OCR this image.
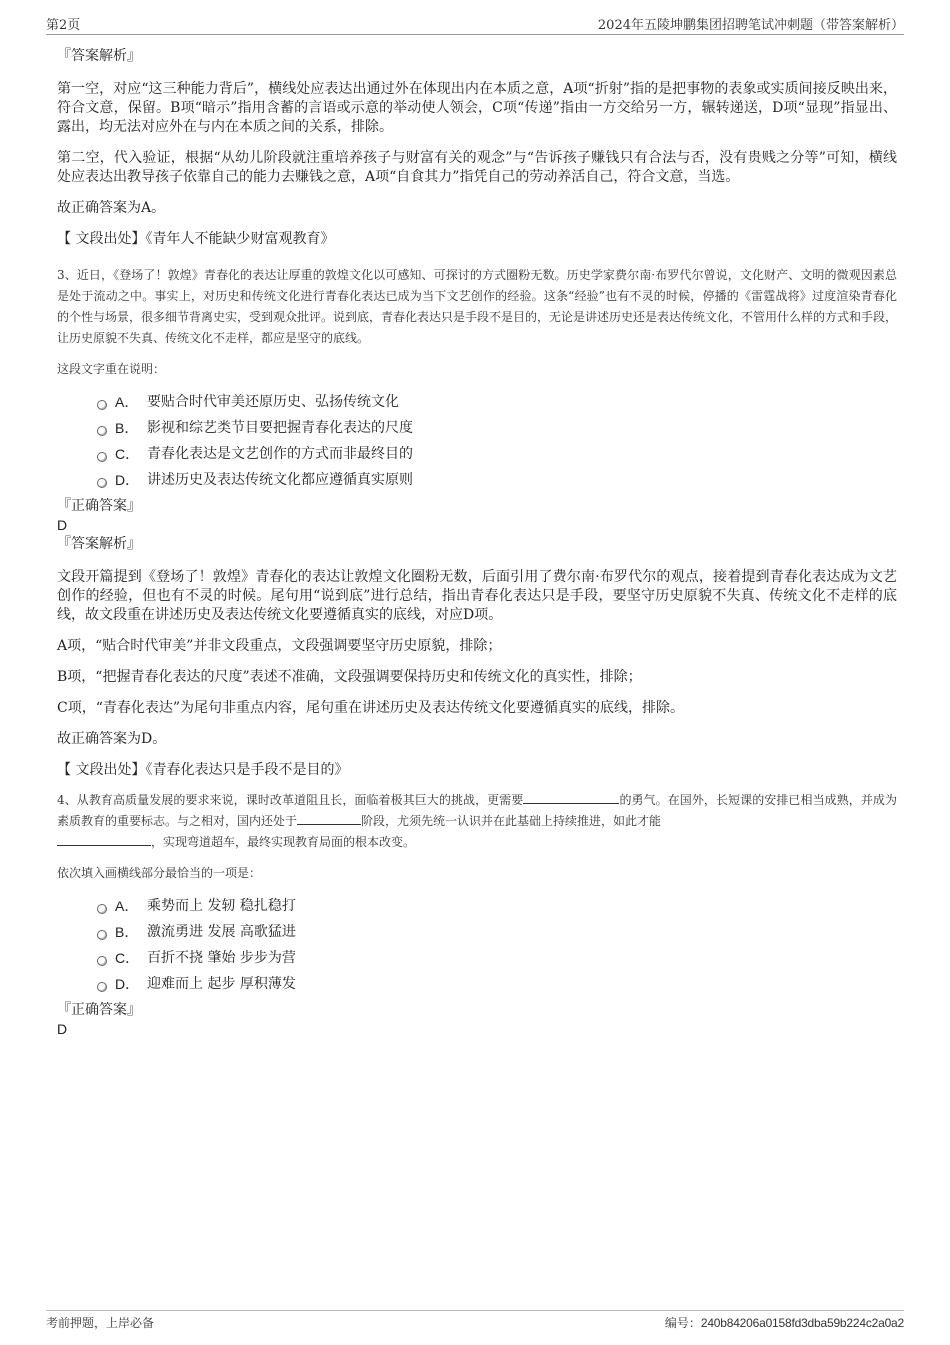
第2页	2024年五陵坤鹏集团招聘笔试冲刺题（带答案解析）

『答案解析』

第一空，对应“这三种能力背后”，横线处应表达出通过外在体现出内在本质之意，A项“折射”指的是把事物的表象或实质间接反映出来，符合文意，保留。B项“暗示”指用含蓄的言语或示意的举动使人领会，C项“传递”指由一方交给另一方，辗转递送，D项“显现”指显出、露出，均无法对应外在与内在本质之间的关系，排除。

第二空，代入验证，根据“从幼儿阶段就注重培养孩子与财富有关的观念”与“告诉孩子赚钱只有合法与否，没有贵贱之分等”可知，横线处应表达出教导孩子依靠自己的能力去赚钱之意，A项“自食其力”指凭自己的劳动养活自己，符合文意，当选。

故正确答案为A。

【 文段出处】《青年人不能缺少财富观教育》

3、近日，《登场了！敦煌》青春化的表达让厚重的敦煌文化以可感知、可探讨的方式圈粉无数。历史学家费尔南·布罗代尔曾说，文化财产、文明的微观因素总是处于流动之中。事实上，对历史和传统文化进行青春化表达已成为当下文艺创作的经验。这条“经验”也有不灵的时候，停播的《雷霆战将》过度渲染青春化的个性与场景，很多细节背离史实，受到观众批评。说到底，青春化表达只是手段不是目的，无论是讲述历史还是表达传统文化，不管用什么样的方式和手段，让历史原貌不失真、传统文化不走样，都应是坚守的底线。

这段文字重在说明：

A． 要贴合时代审美还原历史、弘扬传统文化
B． 影视和综艺类节目要把握青春化表达的尺度
C． 青春化表达是文艺创作的方式而非最终目的
D． 讲述历史及表达传统文化都应遵循真实原则

『正确答案』

D

『答案解析』

文段开篇提到《登场了！敦煌》青春化的表达让敦煌文化圈粉无数，后面引用了费尔南·布罗代尔的观点，接着提到青春化表达成为文艺创作的经验，但也有不灵的时候。尾句用“说到底”进行总结，指出青春化表达只是手段，要坚守历史原貌不失真、传统文化不走样的底线，故文段重在讲述历史及表达传统文化要遵循真实的底线，对应D项。

A项，“贴合时代审美”并非文段重点，文段强调要坚守历史原貌，排除；

B项，“把握青春化表达的尺度”表述不准确，文段强调要保持历史和传统文化的真实性，排除；

C项，“青春化表达”为尾句非重点内容，尾句重在讲述历史及表达传统文化要遵循真实的底线，排除。

故正确答案为D。

【 文段出处】《青春化表达只是手段不是目的》

4、从教育高质量发展的要求来说，课时改革道阻且长，面临着极其巨大的挑战，更需要	的勇气。在国外，长短课的安排已相当成熟，并成为素质教育的重要标志。与之相对，国内还处于	阶段，尤须先统一认识并在此基础上持续推进，如此才能
，实现弯道超车，最终实现教育局面的根本改变。

依次填入画横线部分最恰当的一项是：

A． 乘势而上 发轫 稳扎稳打
B． 激流勇进 发展 高歌猛进
C． 百折不挠 肇始 步步为营
D． 迎难而上 起步 厚积薄发

『正确答案』

D

考前押题，上岸必备	编号：240b84206a0158fd3dba59b224c2a0a2
